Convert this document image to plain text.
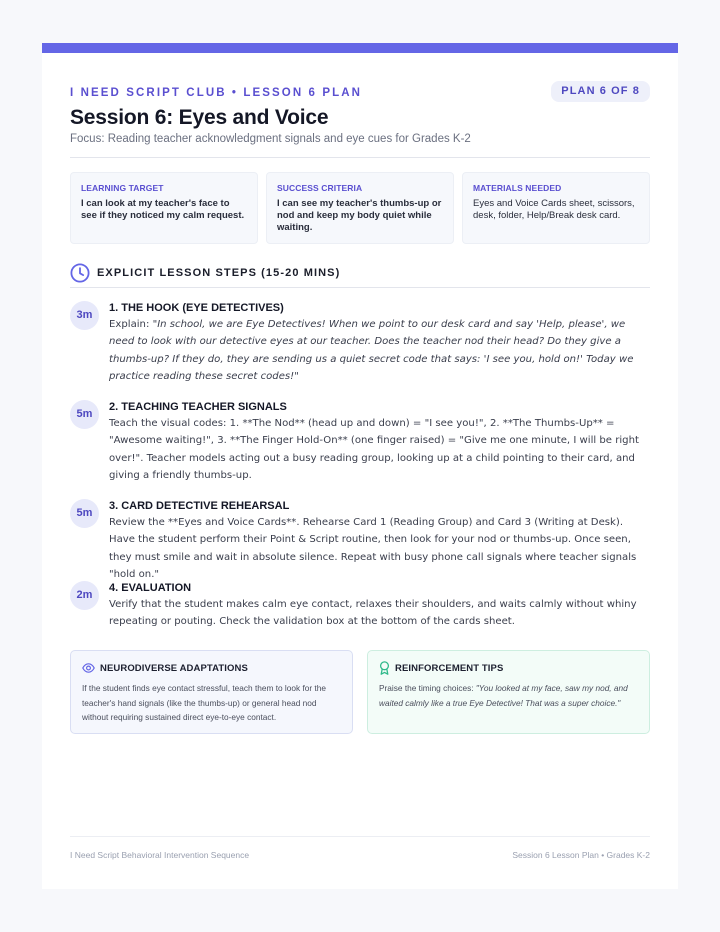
I NEED SCRIPT CLUB • LESSON 6 PLAN	PLAN 6 OF 8
Session 6: Eyes and Voice
Focus: Reading teacher acknowledgment signals and eye cues for Grades K-2
LEARNING TARGET
I can look at my teacher's face to see if they noticed my calm request.
SUCCESS CRITERIA
I can see my teacher's thumbs-up or nod and keep my body quiet while waiting.
MATERIALS NEEDED
Eyes and Voice Cards sheet, scissors, desk, folder, Help/Break desk card.
EXPLICIT LESSON STEPS (15-20 MINS)
3m
1. THE HOOK (EYE DETECTIVES)
Explain: "In school, we are Eye Detectives! When we point to our desk card and say 'Help, please', we need to look with our detective eyes at our teacher. Does the teacher nod their head? Do they give a thumbs-up? If they do, they are sending us a quiet secret code that says: 'I see you, hold on!' Today we practice reading these secret codes!"
5m
2. TEACHING TEACHER SIGNALS
Teach the visual codes: 1. **The Nod** (head up and down) = "I see you!", 2. **The Thumbs-Up** = "Awesome waiting!", 3. **The Finger Hold-On** (one finger raised) = "Give me one minute, I will be right over!". Teacher models acting out a busy reading group, looking up at a child pointing to their card, and giving a friendly thumbs-up.
5m
3. CARD DETECTIVE REHEARSAL
Review the **Eyes and Voice Cards**. Rehearse Card 1 (Reading Group) and Card 3 (Writing at Desk). Have the student perform their Point & Script routine, then look for your nod or thumbs-up. Once seen, they must smile and wait in absolute silence. Repeat with busy phone call signals where teacher signals "hold on."
2m
4. EVALUATION
Verify that the student makes calm eye contact, relaxes their shoulders, and waits calmly without whiny repeating or pouting. Check the validation box at the bottom of the cards sheet.
NEURODIVERSE ADAPTATIONS
If the student finds eye contact stressful, teach them to look for the teacher's hand signals (like the thumbs-up) or general head nod without requiring sustained direct eye-to-eye contact.
REINFORCEMENT TIPS
Praise the timing choices: "You looked at my face, saw my nod, and waited calmly like a true Eye Detective! That was a super choice."
I Need Script Behavioral Intervention Sequence	Session 6 Lesson Plan • Grades K-2
